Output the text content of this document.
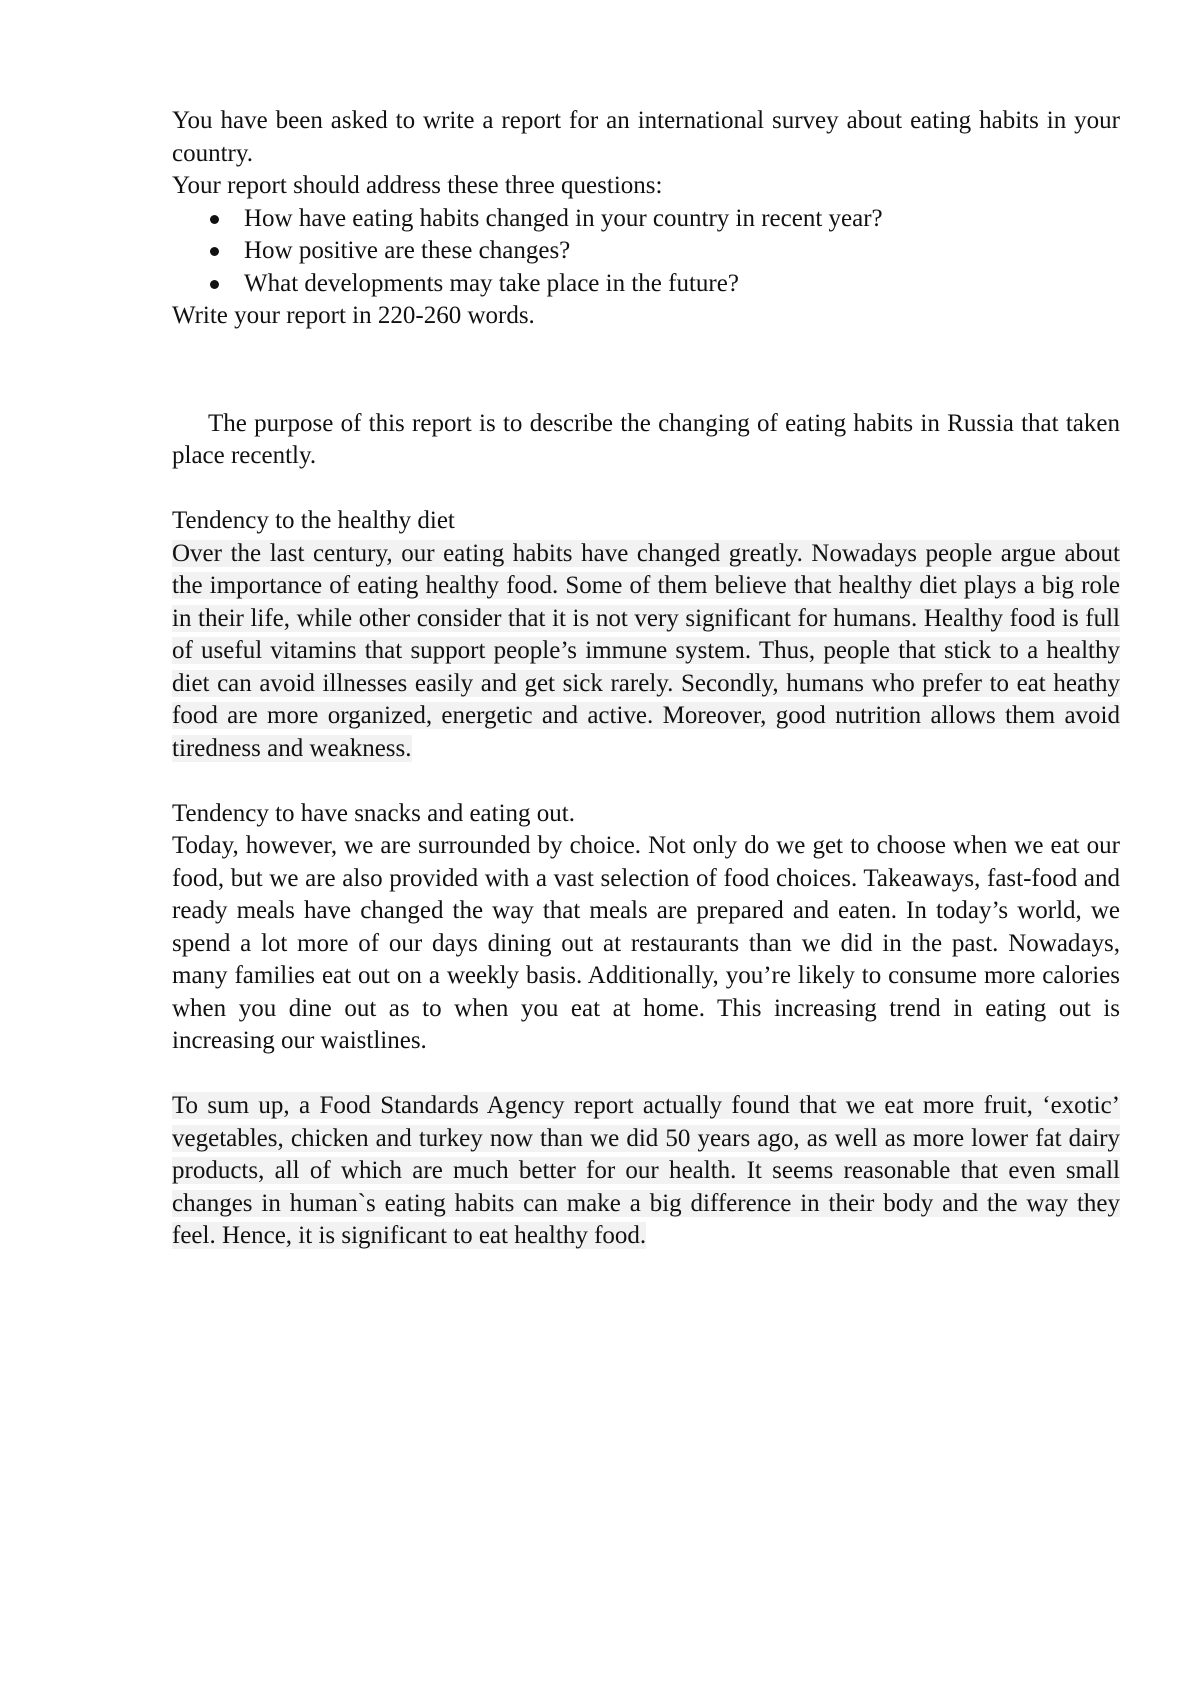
You have been asked to write a report for an international survey about eating habits in your country.

Your report should address these three questions:

How have eating habits changed in your country in recent year?
How positive are these changes?
What developments may take place in the future?

Write your report in 220-260 words.

The purpose of this report is to describe the changing of eating habits in Russia that taken place recently.

Tendency to the healthy diet

Over the last century, our eating habits have changed greatly. Nowadays people argue about the importance of eating healthy food. Some of them believe that healthy diet plays a big role in their life, while other consider that it is not very significant for humans. Healthy food is full of useful vitamins that support people’s immune system. Thus, people that stick to a healthy diet can avoid illnesses easily and get sick rarely. Secondly, humans who prefer to eat heathy food are more organized, energetic and active. Moreover, good nutrition allows them avoid tiredness and weakness.

Tendency to have snacks and eating out.

Today, however, we are surrounded by choice. Not only do we get to choose when we eat our food, but we are also provided with a vast selection of food choices. Takeaways, fast-food and ready meals have changed the way that meals are prepared and eaten. In today’s world, we spend a lot more of our days dining out at restaurants than we did in the past. Nowadays, many families eat out on a weekly basis. Additionally, you’re likely to consume more calories when you dine out as to when you eat at home. This increasing trend in eating out is increasing our waistlines.

To sum up, a Food Standards Agency report actually found that we eat more fruit, ‘exotic’ vegetables, chicken and turkey now than we did 50 years ago, as well as more lower fat dairy products, all of which are much better for our health. It seems reasonable that even small changes in human`s eating habits can make a big difference in their body and the way they feel. Hence, it is significant to eat healthy food.
